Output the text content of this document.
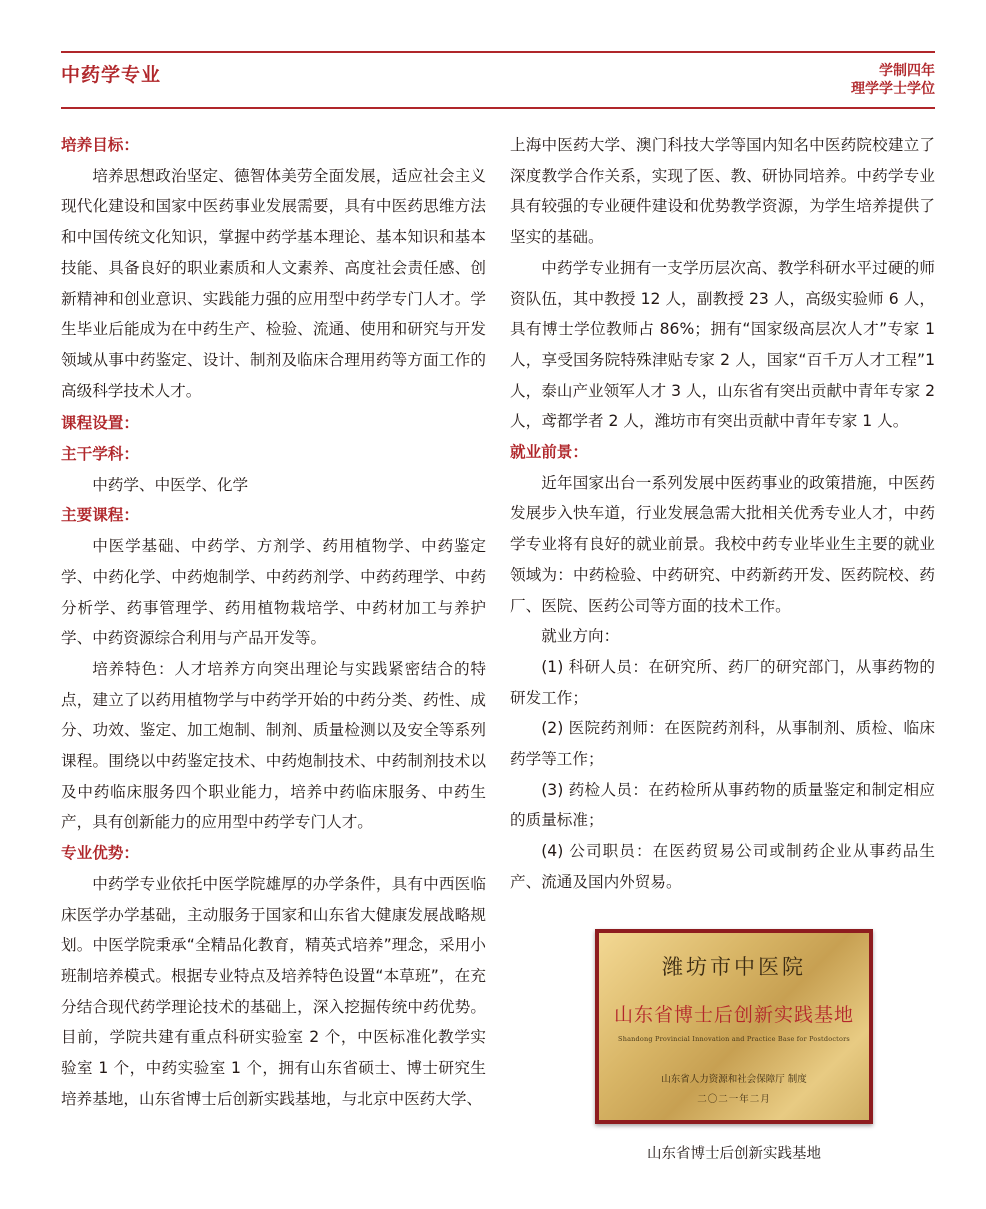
中药学专业	学制四年
理学学士学位
培养目标：

培养思想政治坚定、德智体美劳全面发展，适应社会主义现代化建设和国家中医药事业发展需要，具有中医药思维方法和中国传统文化知识，掌握中药学基本理论、基本知识和基本技能、具备良好的职业素质和人文素养、高度社会责任感、创新精神和创业意识、实践能力强的应用型中药学专门人才。学生毕业后能成为在中药生产、检验、流通、使用和研究与开发领域从事中药鉴定、设计、制剂及临床合理用药等方面工作的高级科学技术人才。

课程设置：
主干学科：

中药学、中医学、化学

主要课程：

中医学基础、中药学、方剂学、药用植物学、中药鉴定学、中药化学、中药炮制学、中药药剂学、中药药理学、中药分析学、药事管理学、药用植物栽培学、中药材加工与养护学、中药资源综合利用与产品开发等。

培养特色：人才培养方向突出理论与实践紧密结合的特点，建立了以药用植物学与中药学开始的中药分类、药性、成分、功效、鉴定、加工炮制、制剂、质量检测以及安全等系列课程。围绕以中药鉴定技术、中药炮制技术、中药制剂技术以及中药临床服务四个职业能力，培养中药临床服务、中药生产，具有创新能力的应用型中药学专门人才。

专业优势：

中药学专业依托中医学院雄厚的办学条件，具有中西医临床医学办学基础，主动服务于国家和山东省大健康发展战略规划。中医学院秉承“全精品化教育，精英式培养”理念，采用小班制培养模式。根据专业特点及培养特色设置“本草班”，在充分结合现代药学理论技术的基础上，深入挖掘传统中药优势。目前，学院共建有重点科研实验室 2 个，中医标准化教学实验室 1 个，中药实验室 1 个，拥有山东省硕士、博士研究生培养基地，山东省博士后创新实践基地，与北京中医药大学、

上海中医药大学、澳门科技大学等国内知名中医药院校建立了深度教学合作关系，实现了医、教、研协同培养。中药学专业具有较强的专业硬件建设和优势教学资源，为学生培养提供了坚实的基础。

中药学专业拥有一支学历层次高、教学科研水平过硬的师资队伍，其中教授 12 人，副教授 23 人，高级实验师 6 人，具有博士学位教师占 86%；拥有“国家级高层次人才”专家 1 人，享受国务院特殊津贴专家 2 人，国家“百千万人才工程”1 人，泰山产业领军人才 3 人，山东省有突出贡献中青年专家 2 人，鸢都学者 2 人，潍坊市有突出贡献中青年专家 1 人。

就业前景：

近年国家出台一系列发展中医药事业的政策措施，中医药发展步入快车道，行业发展急需大批相关优秀专业人才，中药学专业将有良好的就业前景。我校中药专业毕业生主要的就业领域为：中药检验、中药研究、中药新药开发、医药院校、药厂、医院、医药公司等方面的技术工作。

就业方向：

(1) 科研人员：在研究所、药厂的研究部门，从事药物的研发工作；

(2) 医院药剂师：在医院药剂科，从事制剂、质检、临床药学等工作；

(3) 药检人员：在药检所从事药物的质量鉴定和制定相应的质量标准；

(4) 公司职员：在医药贸易公司或制药企业从事药品生产、流通及国内外贸易。

潍坊市中医院
山东省博士后创新实践基地
Shandong Provincial Innovation and Practice Base for Postdoctors
山东省人力资源和社会保障厅 制度
二〇二一年二月
山东省博士后创新实践基地
